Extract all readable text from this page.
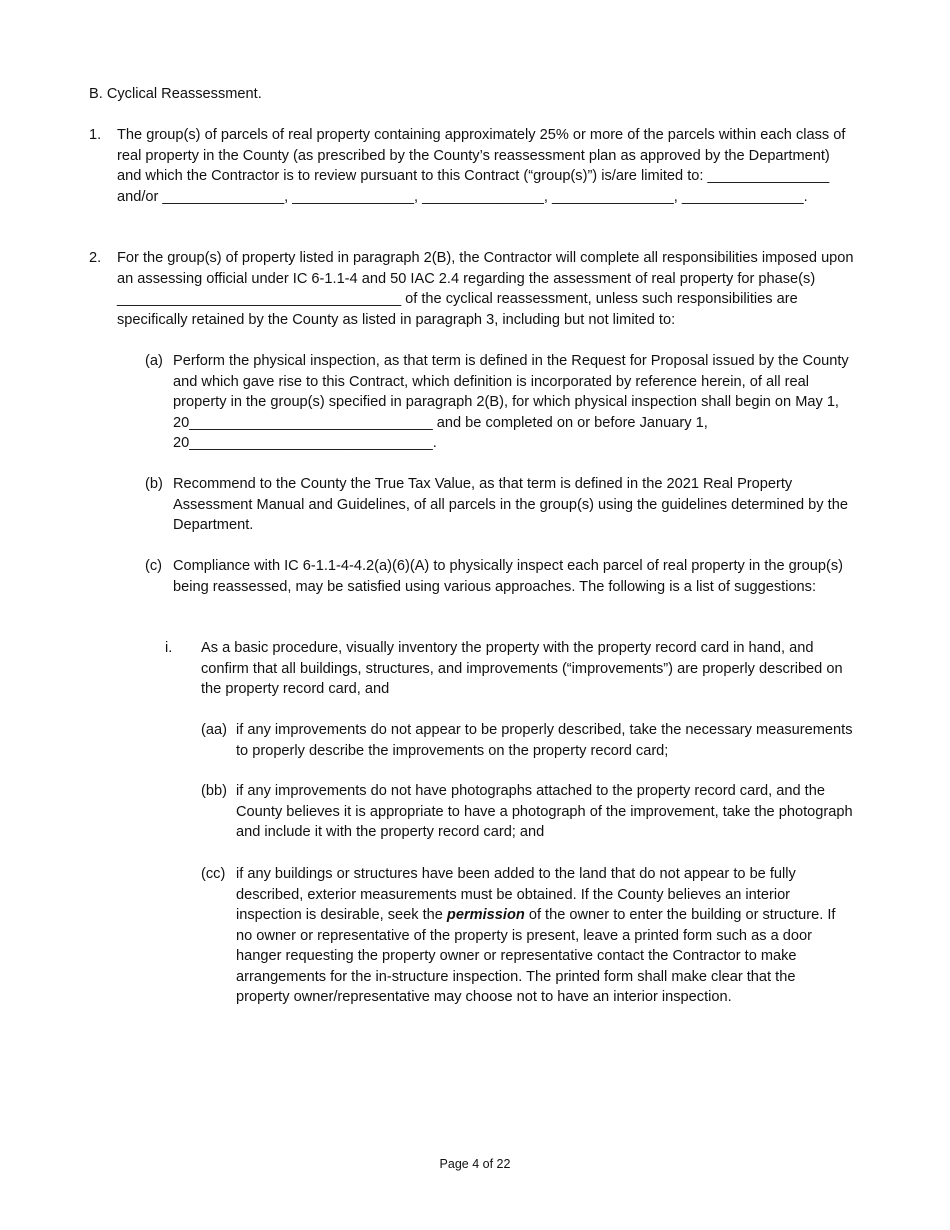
B. Cyclical Reassessment.
1. The group(s) of parcels of real property containing approximately 25% or more of the parcels within each class of real property in the County (as prescribed by the County’s reassessment plan as approved by the Department) and which the Contractor is to review pursuant to this Contract (“group(s)”) is/are limited to: _______________ and/or _______________, _______________, _______________, _______________, _______________.
2. For the group(s) of property listed in paragraph 2(B), the Contractor will complete all responsibilities imposed upon an assessing official under IC 6-1.1-4 and 50 IAC 2.4 regarding the assessment of real property for phase(s) ___________________________________ of the cyclical reassessment, unless such responsibilities are specifically retained by the County as listed in paragraph 3, including but not limited to:
(a) Perform the physical inspection, as that term is defined in the Request for Proposal issued by the County and which gave rise to this Contract, which definition is incorporated by reference herein, of all real property in the group(s) specified in paragraph 2(B), for which physical inspection shall begin on May 1, 20______________________________ and be completed on or before January 1, 20______________________________.
(b) Recommend to the County the True Tax Value, as that term is defined in the 2021 Real Property Assessment Manual and Guidelines, of all parcels in the group(s) using the guidelines determined by the Department.
(c) Compliance with IC 6-1.1-4-4.2(a)(6)(A) to physically inspect each parcel of real property in the group(s) being reassessed, may be satisfied using various approaches. The following is a list of suggestions:
i. As a basic procedure, visually inventory the property with the property record card in hand, and confirm that all buildings, structures, and improvements (“improvements”) are properly described on the property record card, and
(aa) if any improvements do not appear to be properly described, take the necessary measurements to properly describe the improvements on the property record card;
(bb) if any improvements do not have photographs attached to the property record card, and the County believes it is appropriate to have a photograph of the improvement, take the photograph and include it with the property record card; and
(cc) if any buildings or structures have been added to the land that do not appear to be fully described, exterior measurements must be obtained. If the County believes an interior inspection is desirable, seek the permission of the owner to enter the building or structure. If no owner or representative of the property is present, leave a printed form such as a door hanger requesting the property owner or representative contact the Contractor to make arrangements for the in-structure inspection. The printed form shall make clear that the property owner/representative may choose not to have an interior inspection.
Page 4 of 22
